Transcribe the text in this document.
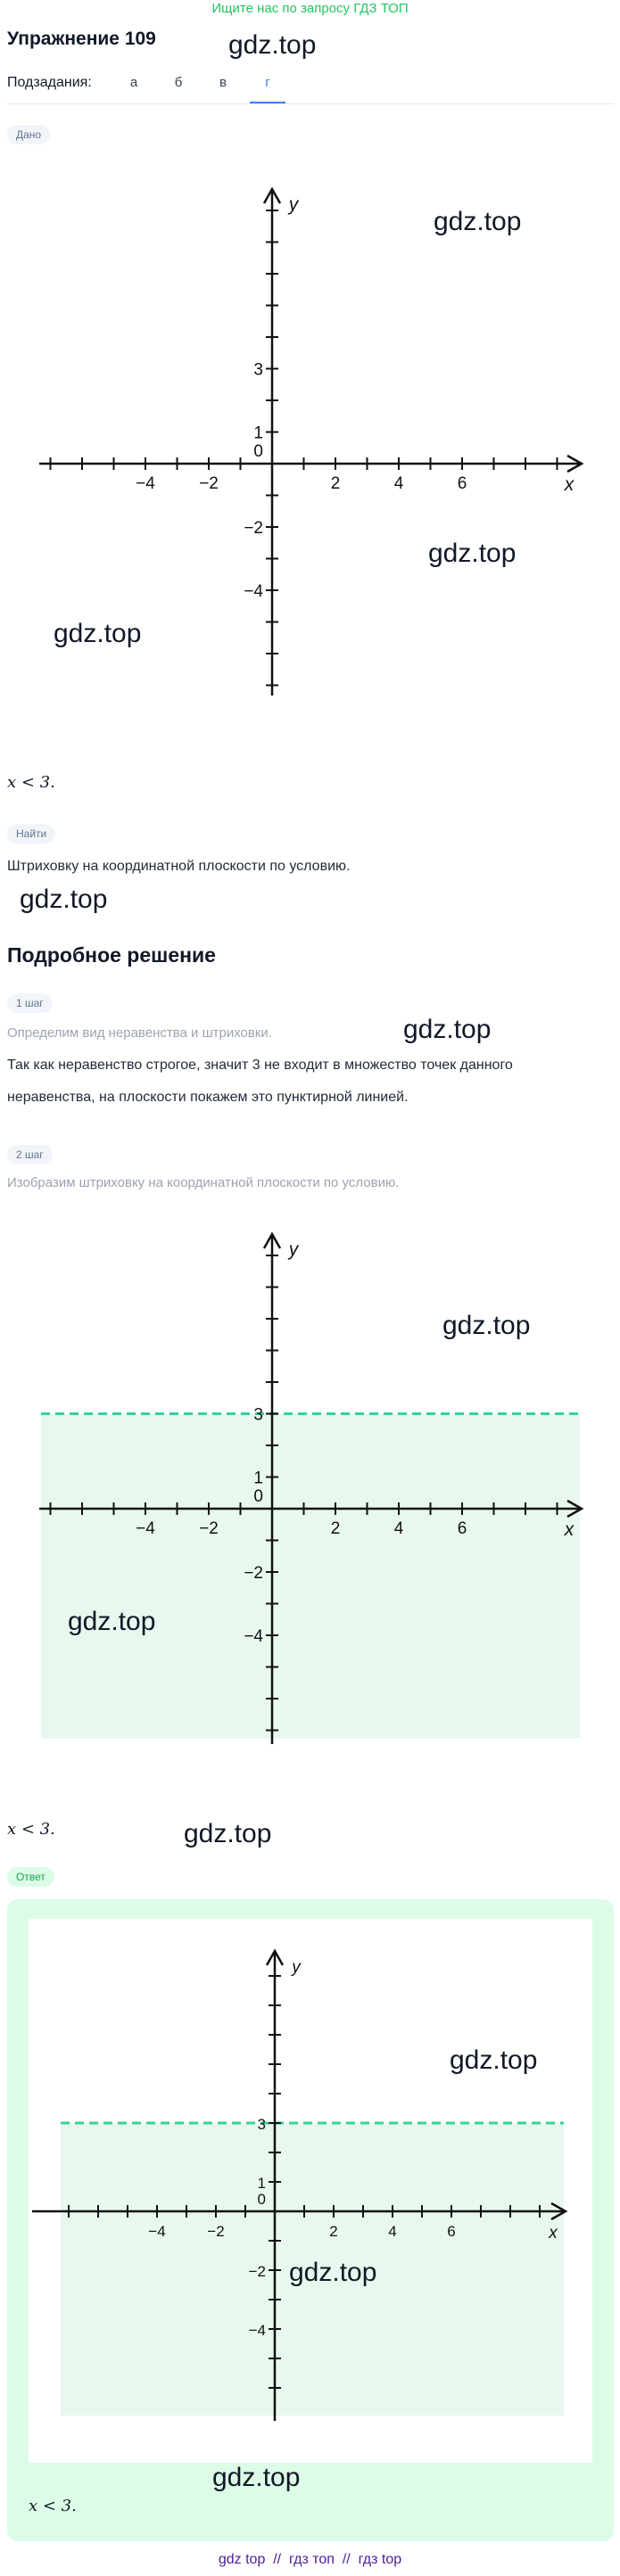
Ищите нас по запросу ГДЗ ТОП
Упражнение 109	gdz.top
Подзадания:	а	б	в	г
Дано
−4	−2	2	4	6
3
1
−2
−4
0
x
y
gdz.top
gdz.top
gdz.top
x < 3.
Найти
Штриховку на координатной плоскости по условию.
gdz.top
Подробное решение
1 шаг
Определим вид неравенства и штриховки.	gdz.top
Так как неравенство строгое, значит 3 не входит в множество точек данного
неравенства, на плоскости покажем это пунктирной линией.
2 шаг
Изобразим штриховку на координатной плоскости по условию.
−4	−2	2	4	6
3
1
−2
−4
0
x
y
gdz.top
gdz.top
x < 3.	gdz.top
Ответ
−4	−2	2	4	6
3
1
−2
−4
0
x
y
gdz.top
gdz.top
gdz.top
x < 3.
gdz top // гдз топ // гдз top
